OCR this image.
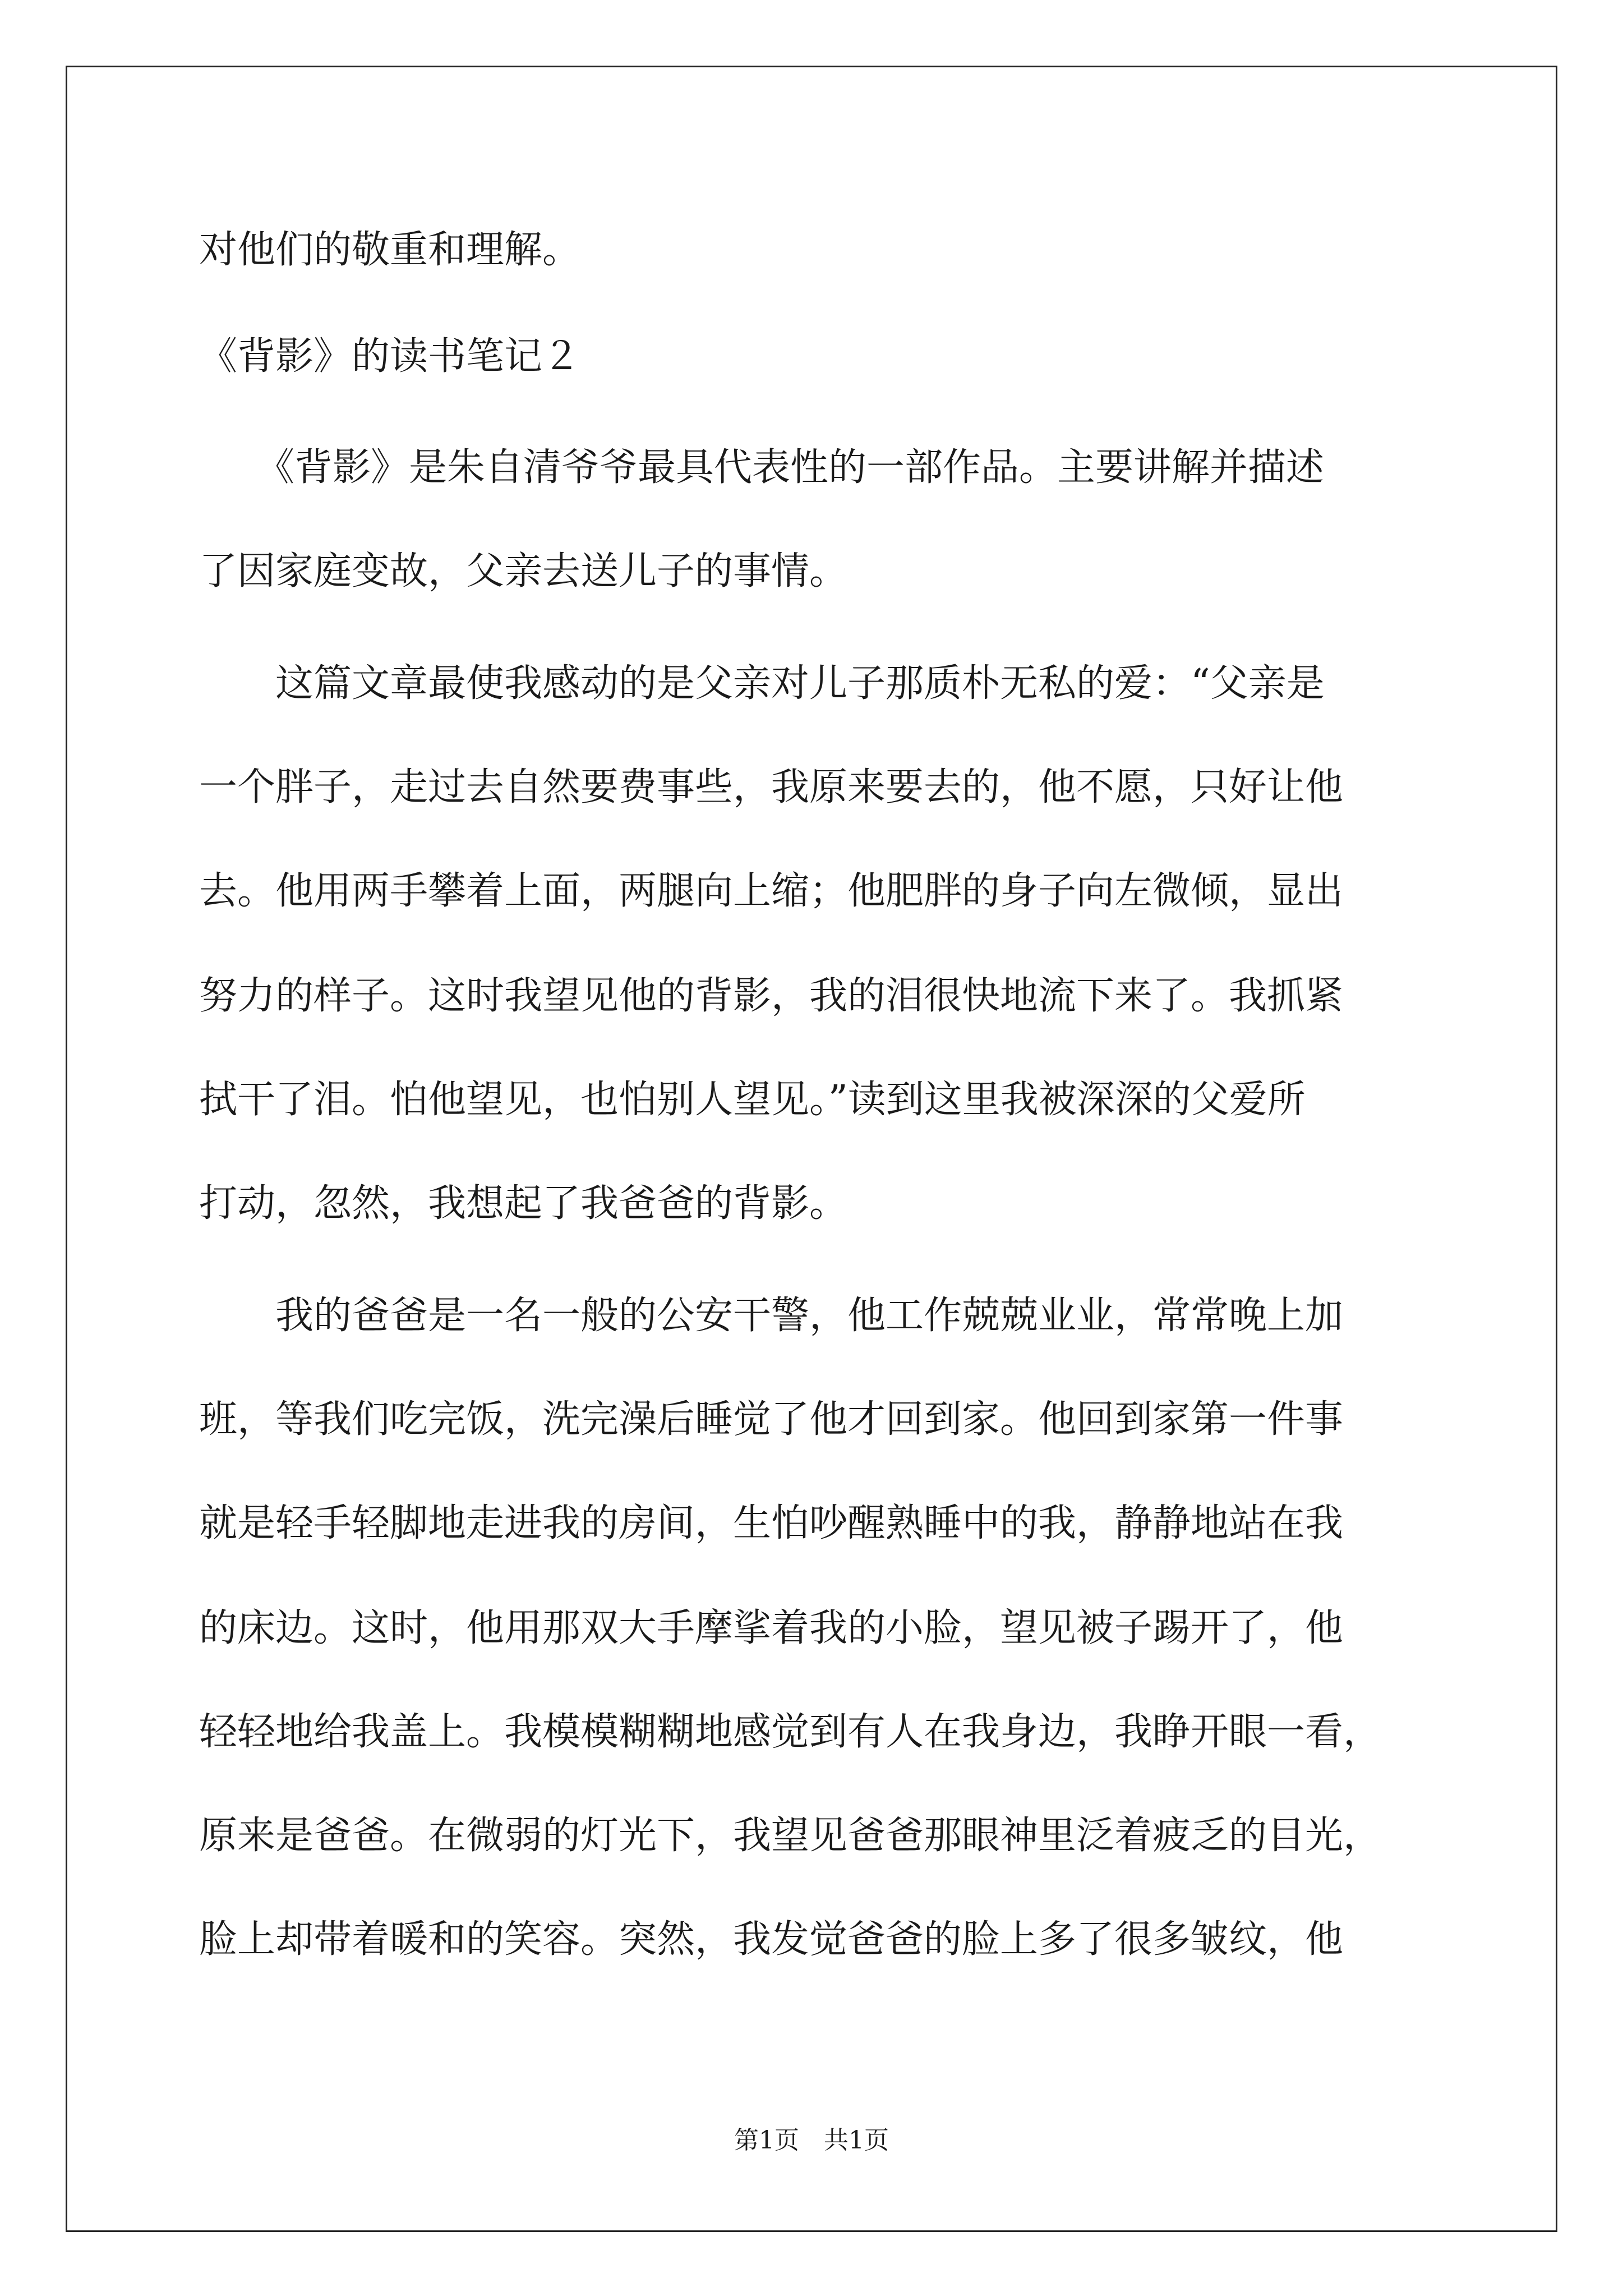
对他们的敬重和理解。
《背影》的读书笔记２
　　《背影》是朱自清爷爷最具代表性的一部作品。主要讲解并描述
了因家庭变故，父亲去送儿子的事情。
　　这篇文章最使我感动的是父亲对儿子那质朴无私的爱：“父亲是
一个胖子，走过去自然要费事些，我原来要去的，他不愿，只好让他
去。他用两手攀着上面，两腿向上缩；他肥胖的身子向左微倾，显出
努力的样子。这时我望见他的背影，我的泪很快地流下来了。我抓紧
拭干了泪。怕他望见，也怕别人望见。”读到这里我被深深的父爱所
打动，忽然，我想起了我爸爸的背影。
　　我的爸爸是一名一般的公安干警，他工作兢兢业业，常常晚上加
班，等我们吃完饭，洗完澡后睡觉了他才回到家。他回到家第一件事
就是轻手轻脚地走进我的房间，生怕吵醒熟睡中的我，静静地站在我
的床边。这时，他用那双大手摩挲着我的小脸，望见被子踢开了，他
轻轻地给我盖上。我模模糊糊地感觉到有人在我身边，我睁开眼一看，
原来是爸爸。在微弱的灯光下，我望见爸爸那眼神里泛着疲乏的目光，
脸上却带着暖和的笑容。突然，我发觉爸爸的脸上多了很多皱纹，他
第1页　共1页
